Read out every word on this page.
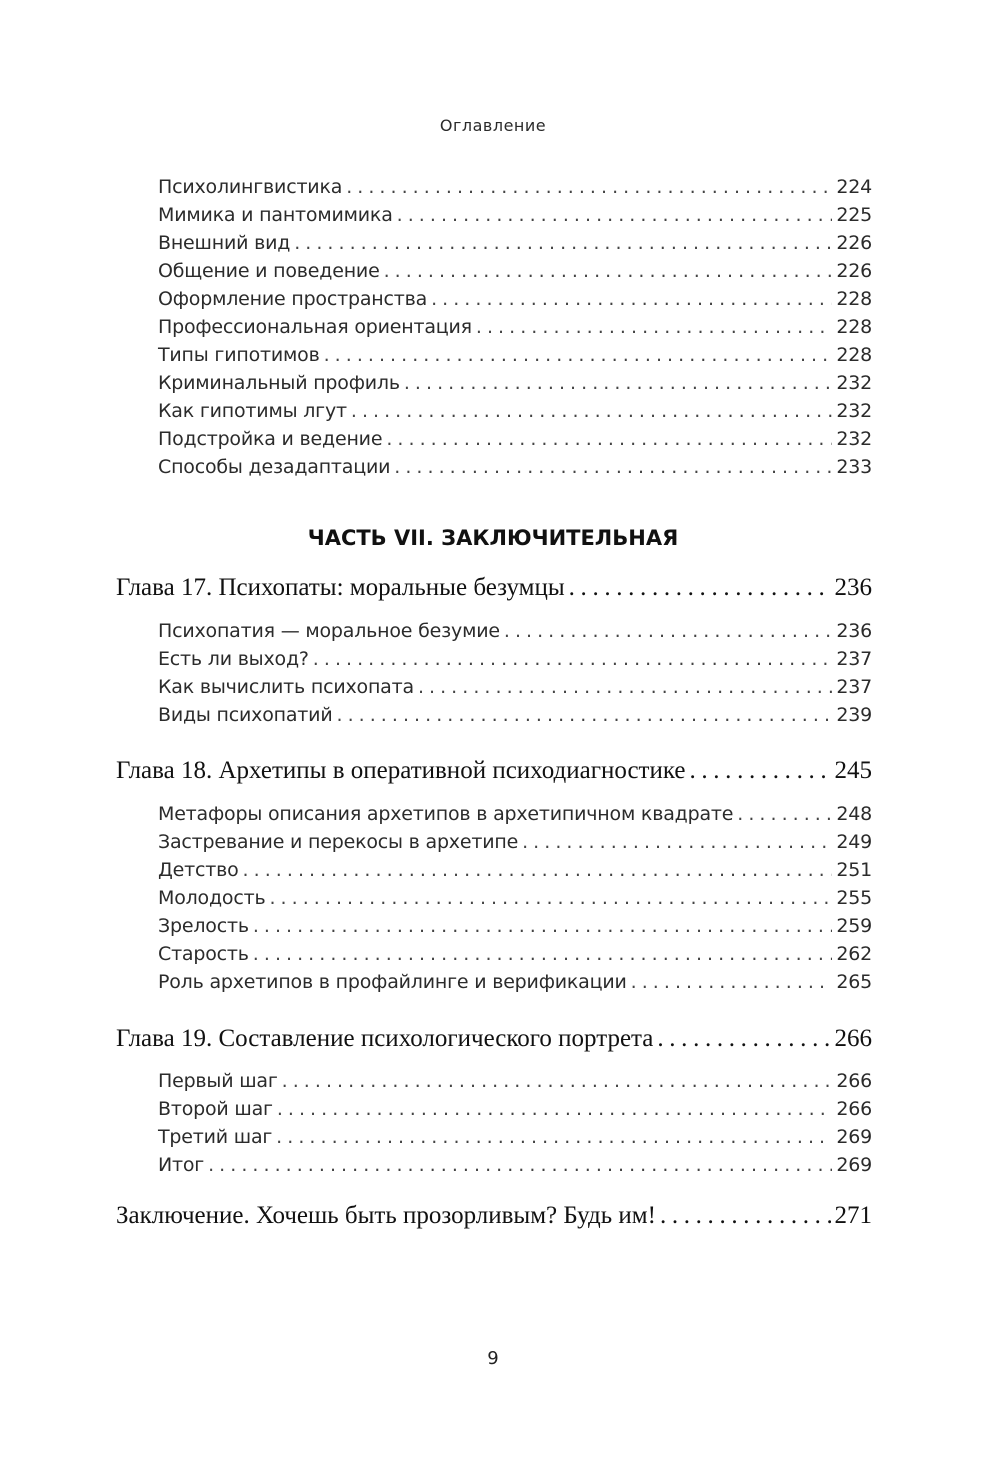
Оглавление
Психолингвистика . . .	224
Мимика и пантомимика . . .	225
Внешний вид . . .	226
Общение и поведение . . .	226
Оформление пространства . . .	228
Профессиональная ориентация . . .	228
Типы гипотимов . . .	228
Криминальный профиль . . .	232
Как гипотимы лгут . . .	232
Подстройка и ведение . . .	232
Способы дезадаптации . . .	233
ЧАСТЬ VII. ЗАКЛЮЧИТЕЛЬНАЯ
Глава 17. Психопаты: моральные безумцы . . .	236
Психопатия — моральное безумие . . .	236
Есть ли выход? . . .	237
Как вычислить психопата . . .	237
Виды психопатий . . .	239
Глава 18. Архетипы в оперативной психодиагностике . . .	245
Метафоры описания архетипов в архетипичном квадрате . . .	248
Застревание и перекосы в архетипе . . .	249
Детство . . .	251
Молодость . . .	255
Зрелость . . .	259
Старость . . .	262
Роль архетипов в профайлинге и верификации . . .	265
Глава 19. Составление психологического портрета . . .	266
Первый шаг . . .	266
Второй шаг . . .	266
Третий шаг . . .	269
Итог . . .	269
Заключение. Хочешь быть прозорливым? Будь им! . . .	271
9
